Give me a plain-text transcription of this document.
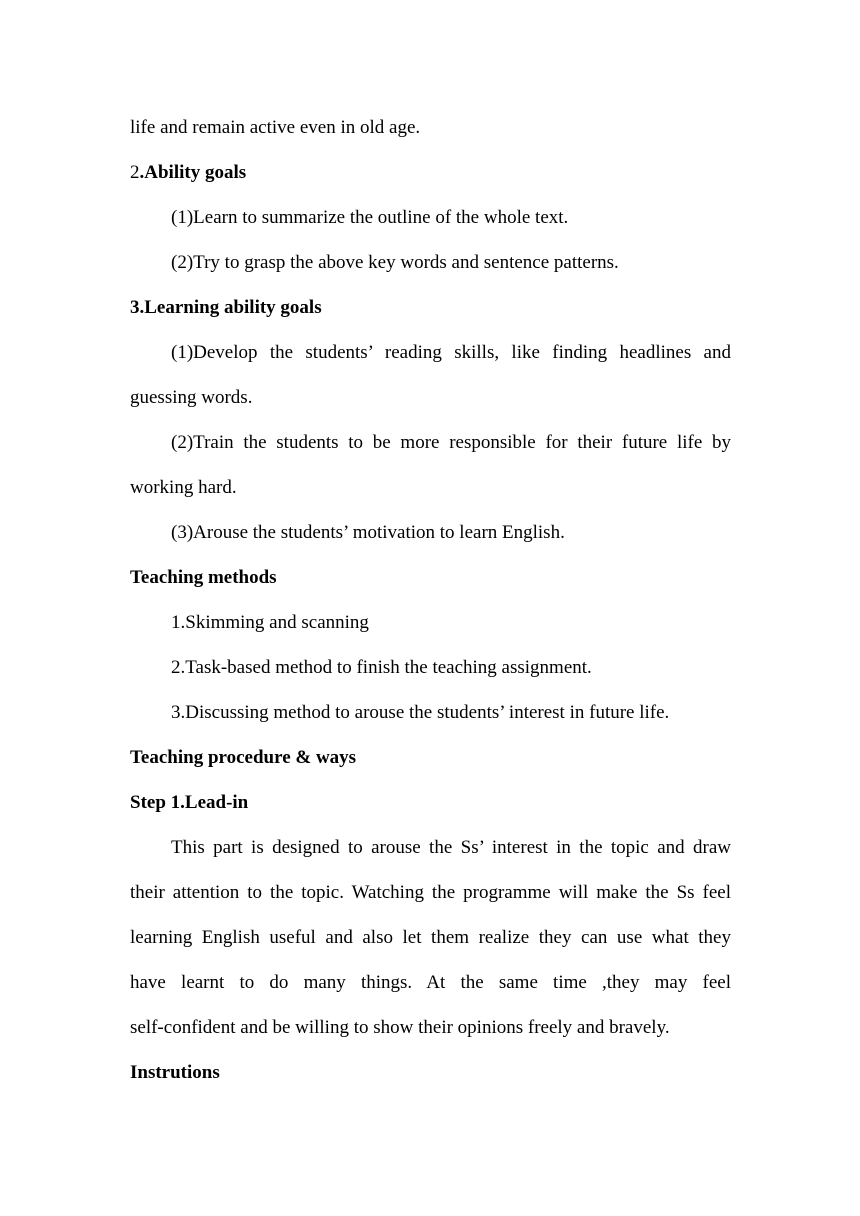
life and remain active even in old age.
2.Ability goals
(1)Learn to summarize the outline of the whole text.
(2)Try to grasp the above key words and sentence patterns.
3.Learning ability goals
(1)Develop the students’ reading skills, like finding headlines and
guessing words.
(2)Train the students to be more responsible for their future life by
working hard.
(3)Arouse the students’ motivation to learn English.
Teaching methods
1.Skimming and scanning
2.Task-based method to finish the teaching assignment.
3.Discussing method to arouse the students’ interest in future life.
Teaching procedure & ways
Step 1.Lead-in
This part is designed to arouse the Ss’ interest in the topic and draw
their attention to the topic. Watching the programme will make the Ss feel
learning English useful and also let them realize they can use what they
have learnt to do many things. At the same time ,they may feel
self-confident and be willing to show their opinions freely and bravely.
Instrutions
